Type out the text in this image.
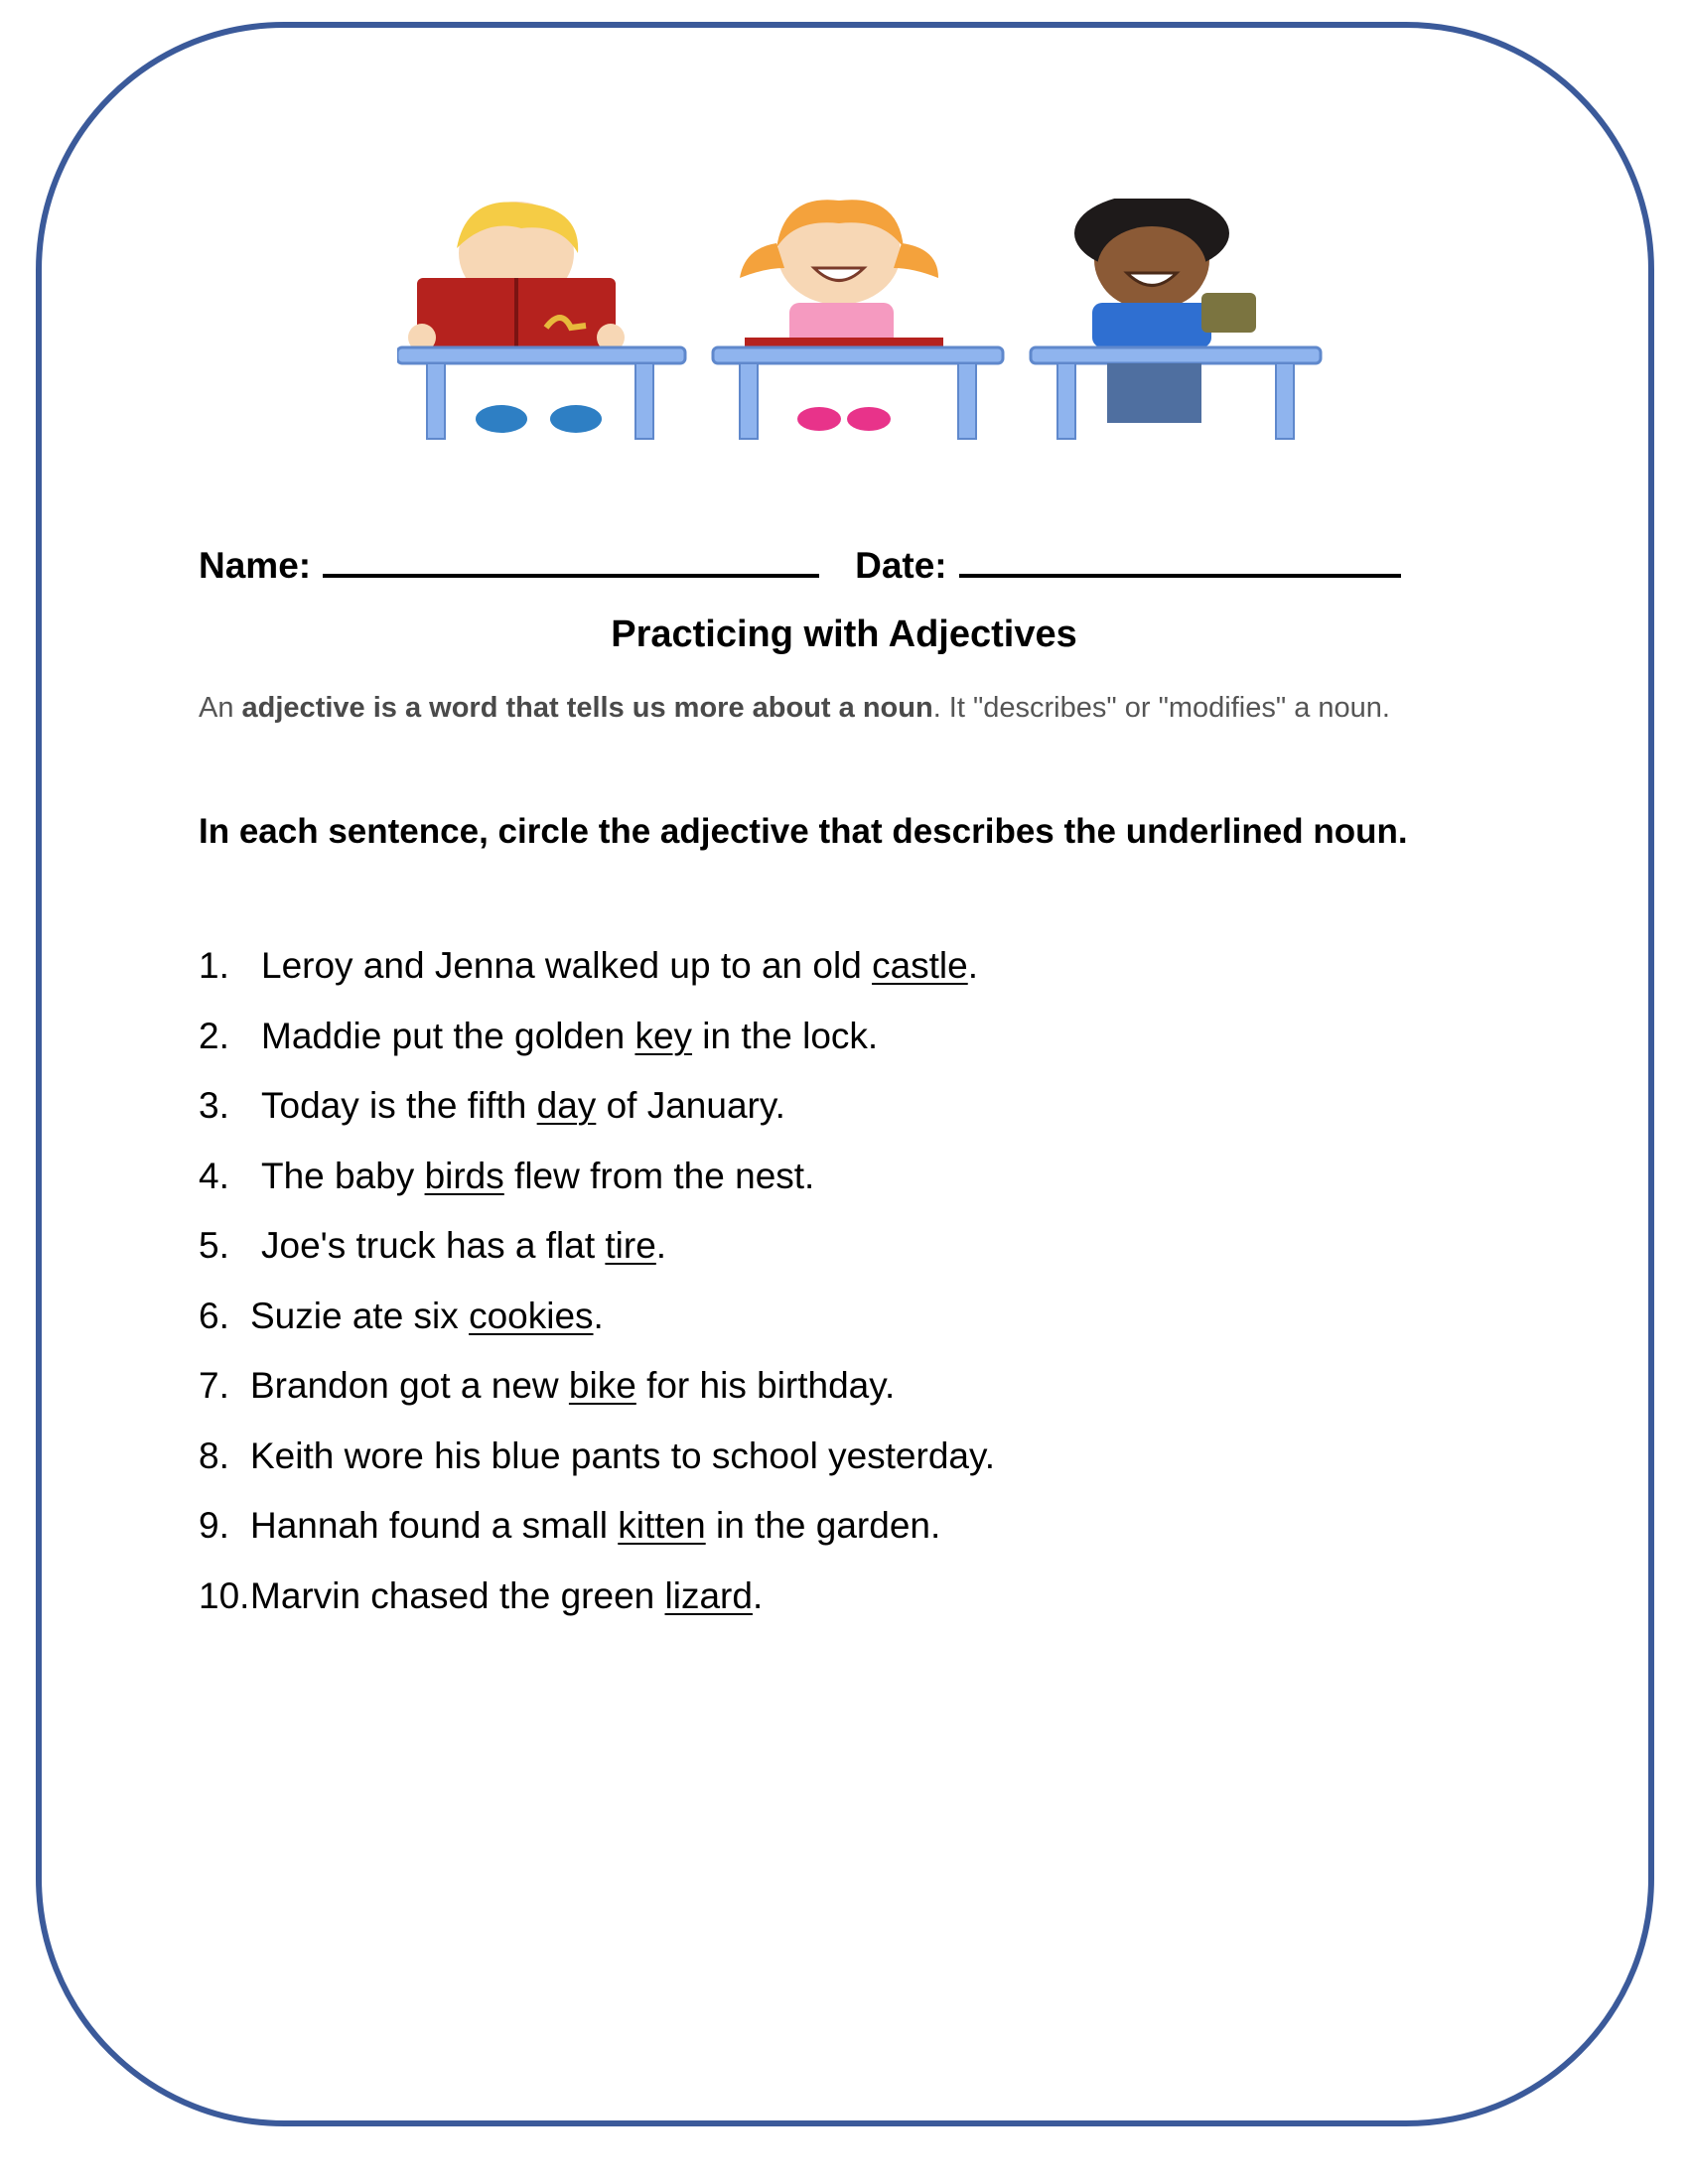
Name:	Date:
Practicing with Adjectives
An adjective is a word that tells us more about a noun. It "describes" or "modifies" a noun.
In each sentence, circle the adjective that describes the underlined noun.
1. Leroy and Jenna walked up to an old castle.
2. Maddie put the golden key in the lock.
3. Today is the fifth day of January.
4. The baby birds flew from the nest.
5. Joe's truck has a flat tire.
6. Suzie ate six cookies.
7. Brandon got a new bike for his birthday.
8. Keith wore his blue pants to school yesterday.
9. Hannah found a small kitten in the garden.
10.Marvin chased the green lizard.
